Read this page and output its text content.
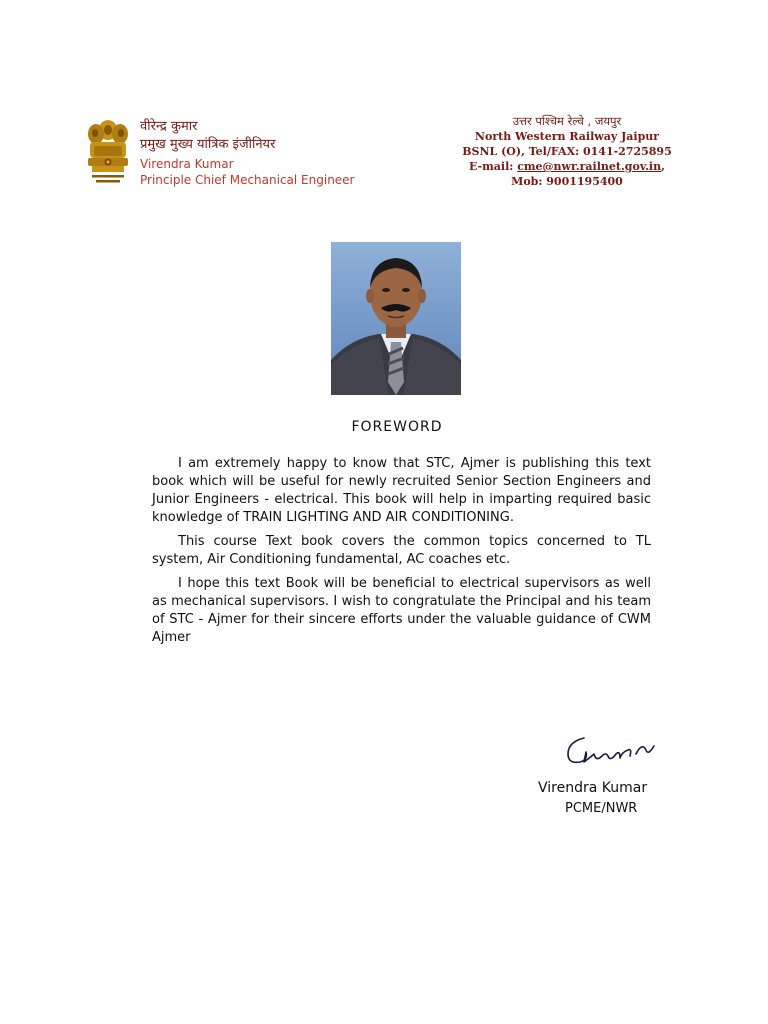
वीरेन्द्र कुमार
प्रमुख मुख्य यांत्रिक इंजीनियर
Virendra Kumar
Principle Chief Mechanical Engineer
उत्तर पश्चिम रेल्वे , जयपुर
North Western Railway Jaipur
BSNL (O), Tel/FAX: 0141-2725895
E-mail: cme@nwr.railnet.gov.in,
Mob: 9001195400
FOREWORD

I am extremely happy to know that STC, Ajmer is publishing this text book which will be useful for newly recruited Senior Section Engineers and Junior Engineers - electrical. This book will help in imparting required basic knowledge of TRAIN LIGHTING AND AIR CONDITIONING.

This course Text book covers the common topics concerned to TL system, Air Conditioning fundamental, AC coaches etc.

I hope this text Book will be beneficial to electrical supervisors as well as mechanical supervisors. I wish to congratulate the Principal and his team of STC - Ajmer for their sincere efforts under the valuable guidance of CWM Ajmer

Virendra Kumar
PCME/NWR
